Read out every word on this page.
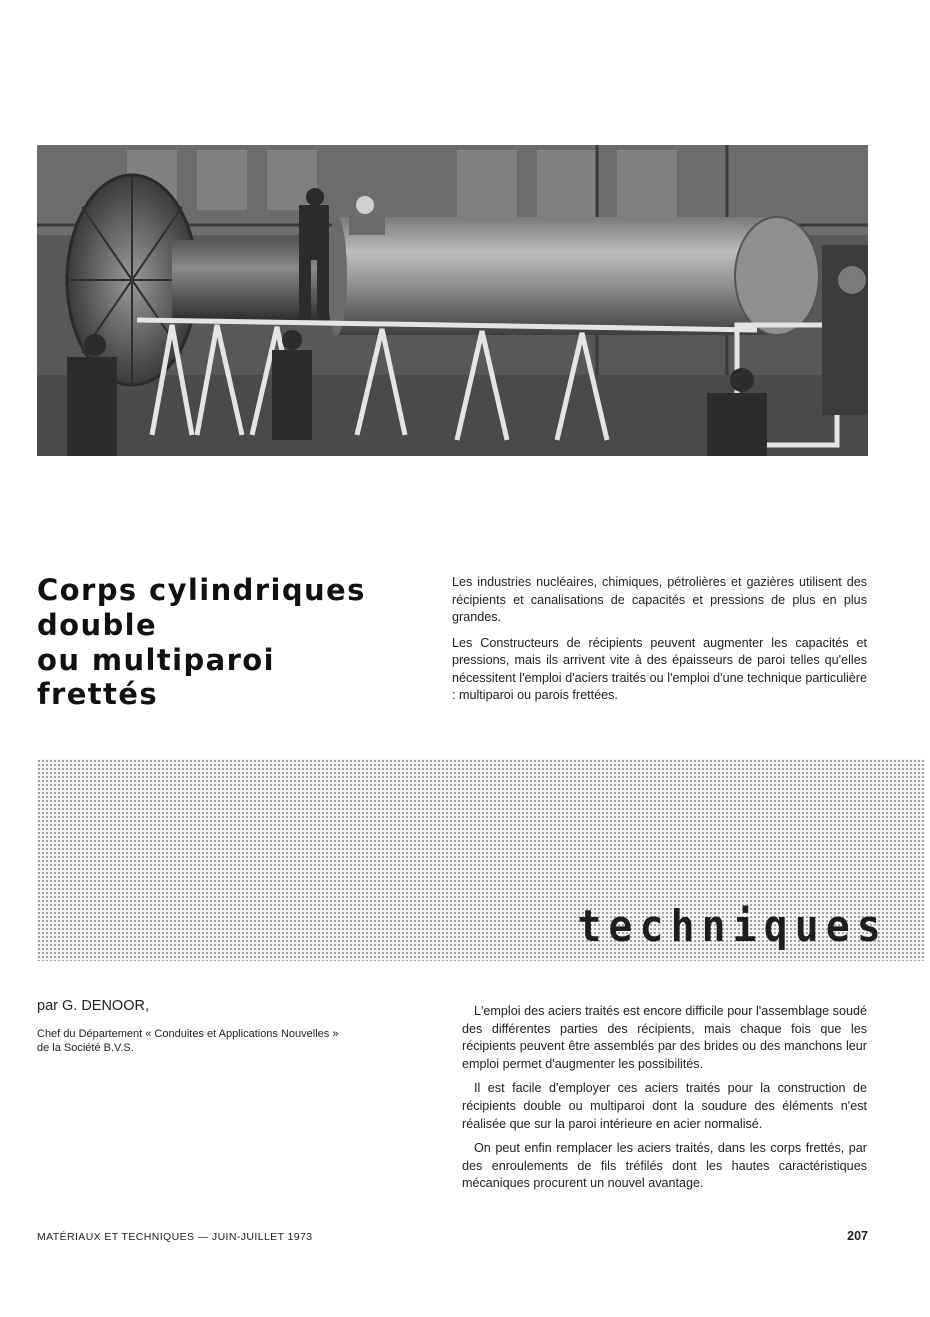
Corps cylindriques
double
ou multiparoi
frettés

Les industries nucléaires, chimiques, pétrolières et gazières utilisent des récipients et canalisations de capacités et pressions de plus en plus grandes.

Les Constructeurs de récipients peuvent augmenter les capacités et pressions, mais ils arrivent vite à des épaisseurs de paroi telles qu'elles nécessitent l'emploi d'aciers traités ou l'emploi d'une technique particulière : multiparoi ou parois frettées.

techniques

par G. DENOOR,

Chef du Département « Conduites et Applications Nouvelles »
de la Société B.V.S.

L'emploi des aciers traités est encore difficile pour l'assemblage soudé des différentes parties des récipients, mais chaque fois que les récipients peuvent être assemblés par des brides ou des manchons leur emploi permet d'augmenter les possibilités.

Il est facile d'employer ces aciers traités pour la construction de récipients double ou multiparoi dont la soudure des éléments n'est réalisée que sur la paroi intérieure en acier normalisé.

On peut enfin remplacer les aciers traités, dans les corps frettés, par des enroulements de fils tréfilés dont les hautes caractéristiques mécaniques procurent un nouvel avantage.

MATÉRIAUX ET TECHNIQUES — JUIN-JUILLET 1973	207
